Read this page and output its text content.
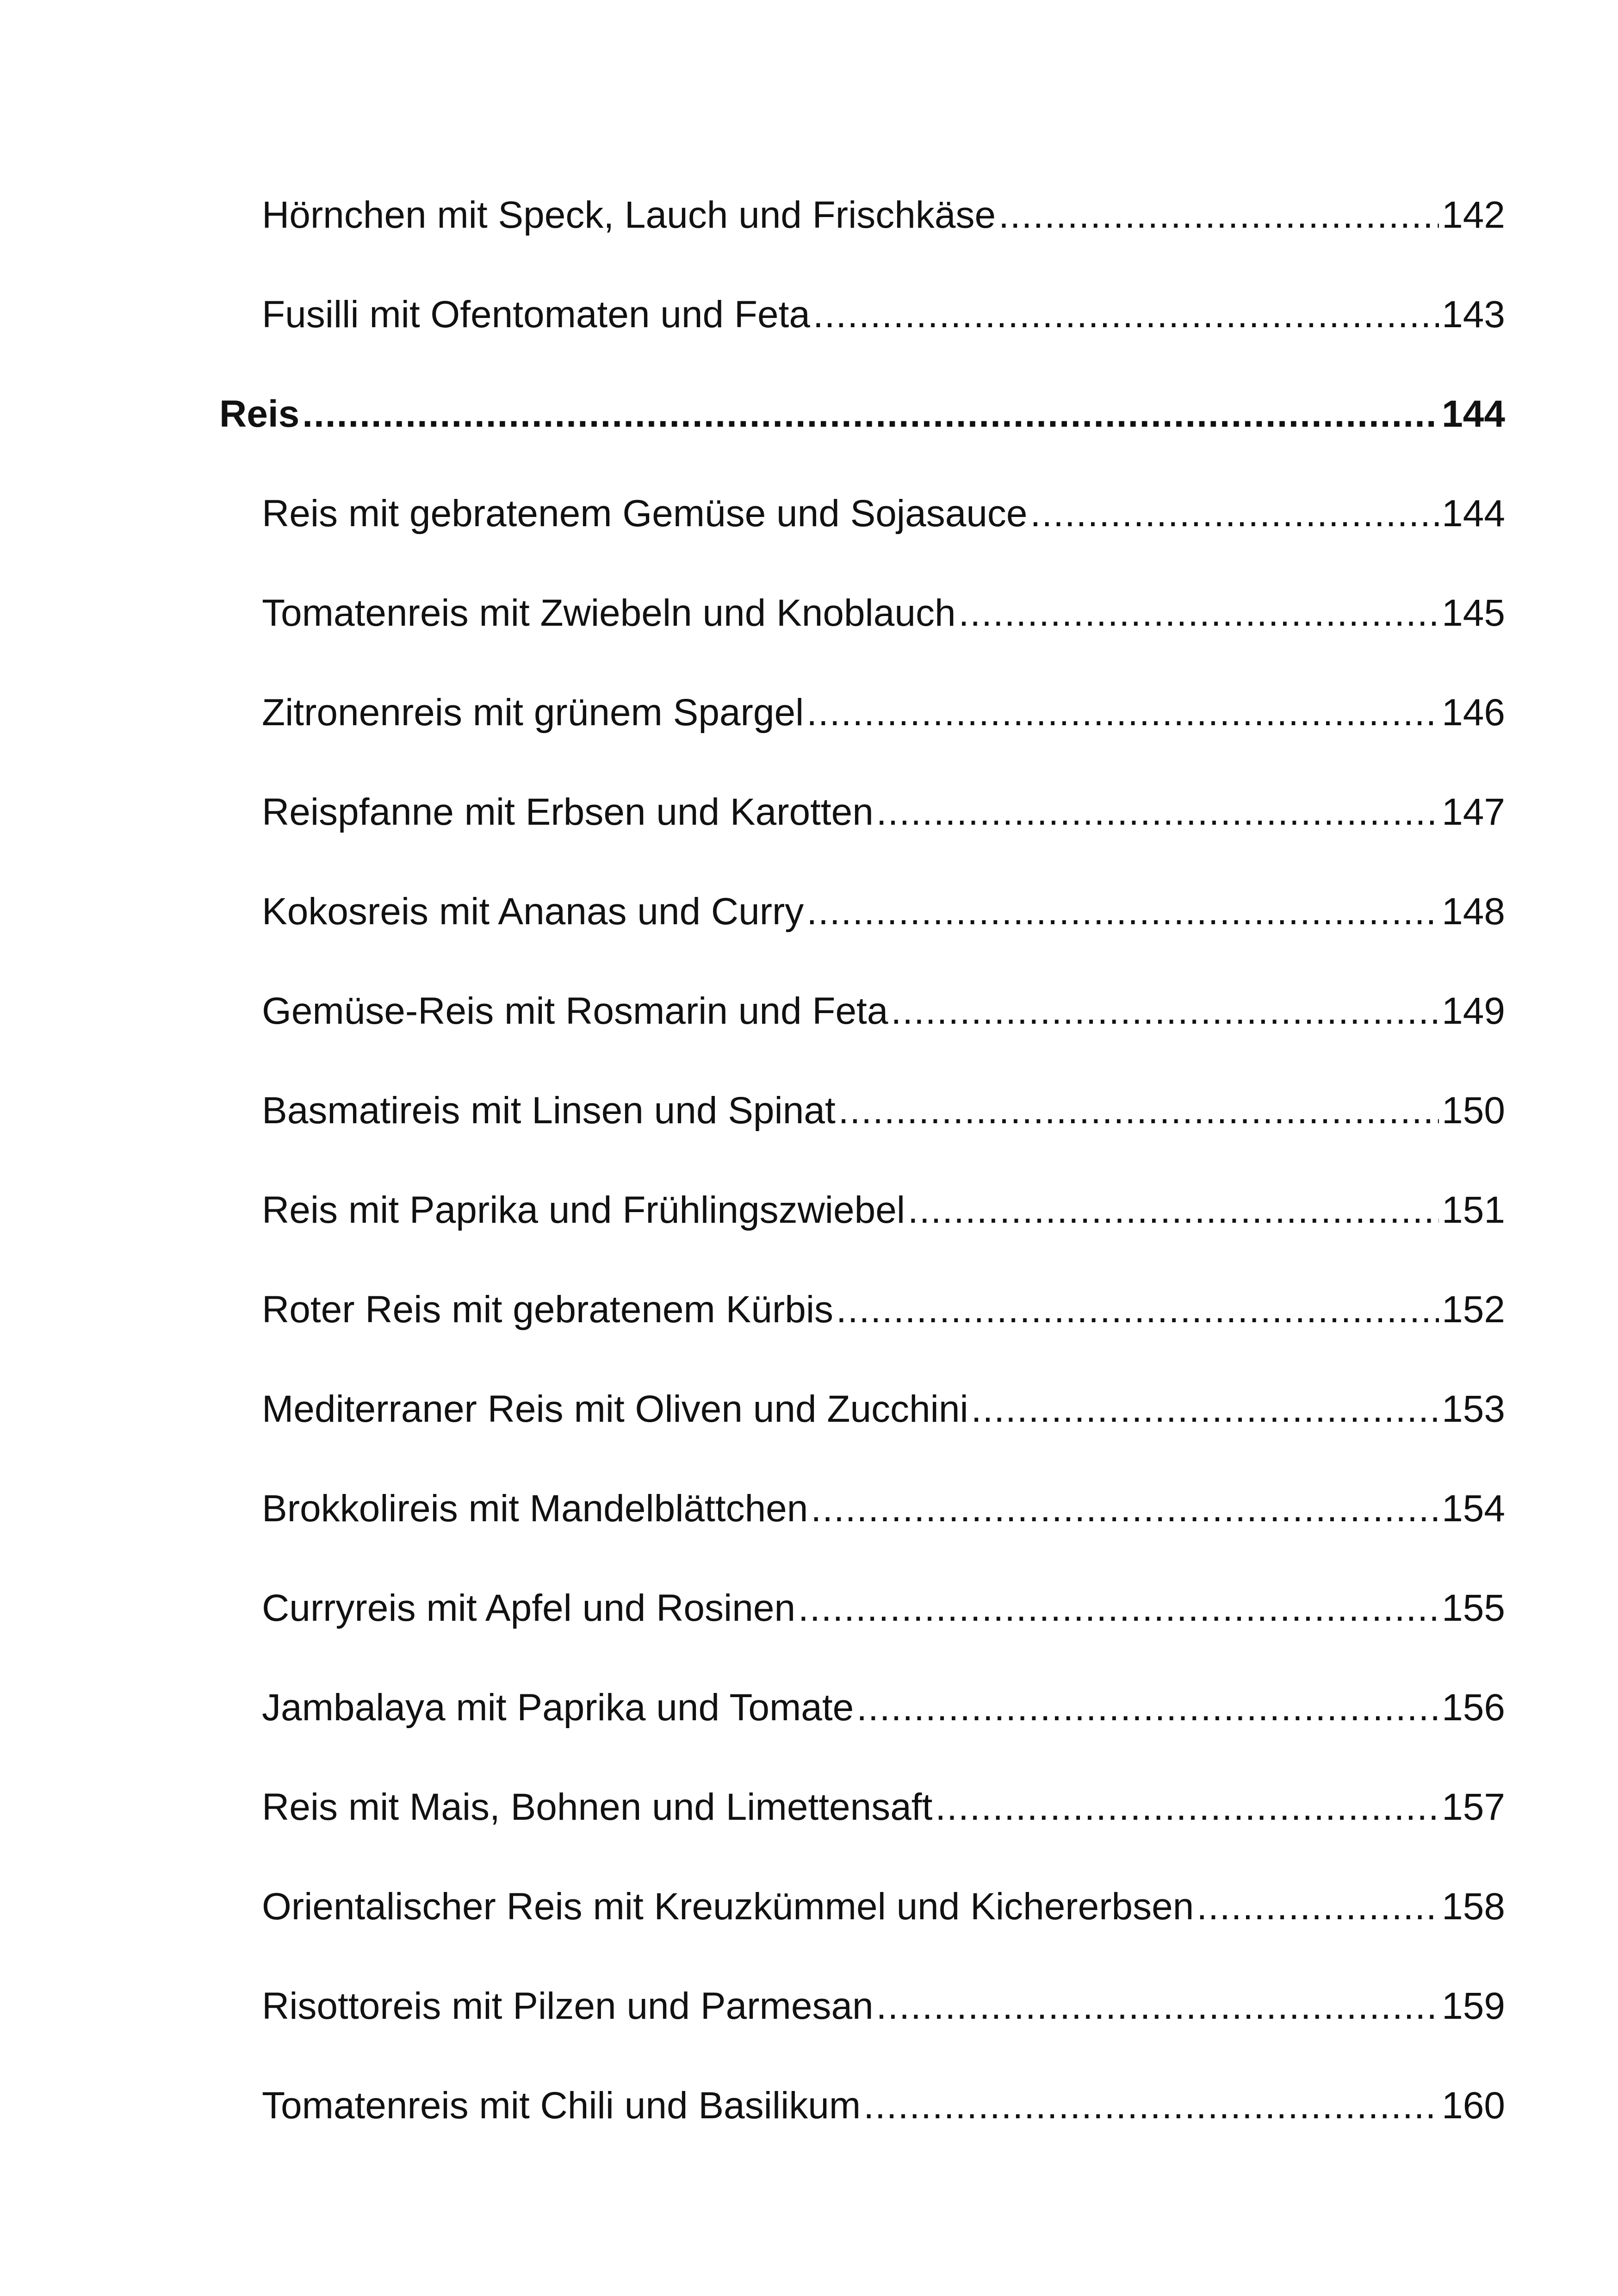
Hörnchen mit Speck, Lauch und Frischkäse .....	142
Fusilli mit Ofentomaten und Feta .....	143
Reis .....	144
Reis mit gebratenem Gemüse und Sojasauce .....	144
Tomatenreis mit Zwiebeln und Knoblauch .....	145
Zitronenreis mit grünem Spargel .....	146
Reispfanne mit Erbsen und Karotten .....	147
Kokosreis mit Ananas und Curry .....	148
Gemüse-Reis mit Rosmarin und Feta .....	149
Basmatireis mit Linsen und Spinat .....	150
Reis mit Paprika und Frühlingszwiebel .....	151
Roter Reis mit gebratenem Kürbis .....	152
Mediterraner Reis mit Oliven und Zucchini .....	153
Brokkolireis mit Mandelblättchen .....	154
Curryreis mit Apfel und Rosinen .....	155
Jambalaya mit Paprika und Tomate .....	156
Reis mit Mais, Bohnen und Limettensaft .....	157
Orientalischer Reis mit Kreuzkümmel und Kichererbsen .....	158
Risottoreis mit Pilzen und Parmesan .....	159
Tomatenreis mit Chili und Basilikum .....	160
